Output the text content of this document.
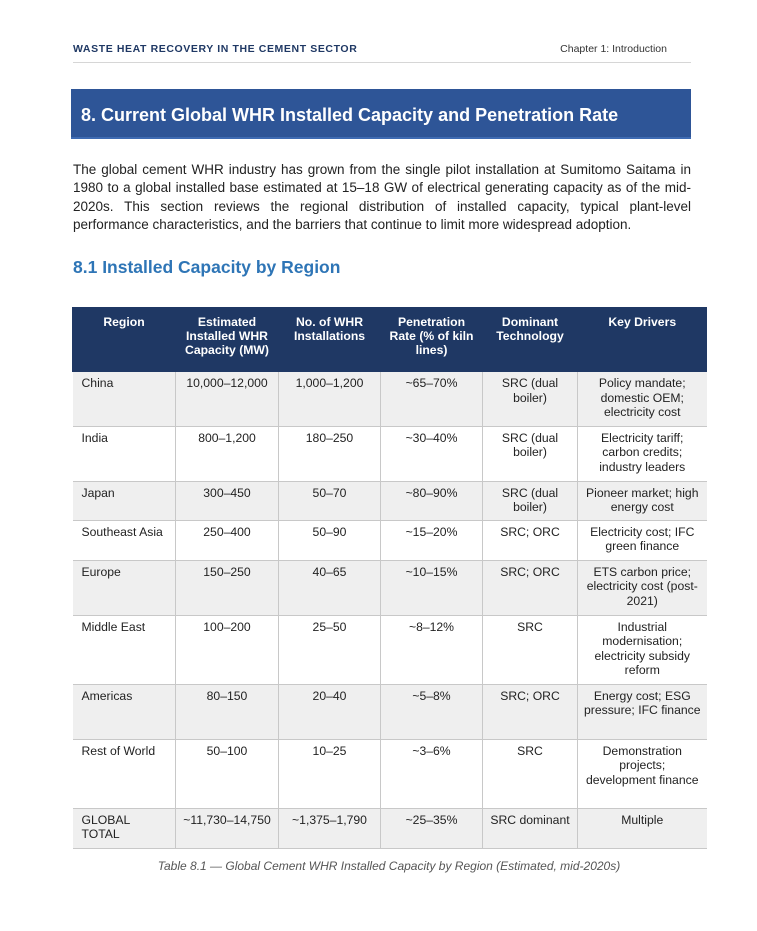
WASTE HEAT RECOVERY IN THE CEMENT SECTOR	Chapter 1: Introduction
8. Current Global WHR Installed Capacity and Penetration Rate

The global cement WHR industry has grown from the single pilot installation at Sumitomo Saitama in 1980 to a global installed base estimated at 15–18 GW of electrical generating capacity as of the mid-2020s. This section reviews the regional distribution of installed capacity, typical plant-level performance characteristics, and the barriers that continue to limit more widespread adoption.

8.1 Installed Capacity by Region
Region	Estimated Installed WHR Capacity (MW)	No. of WHR Installations	Penetration Rate (% of kiln lines)	Dominant Technology	Key Drivers
China	10,000–12,000	1,000–1,200	~65–70%	SRC (dual boiler)	Policy mandate; domestic OEM; electricity cost
India	800–1,200	180–250	~30–40%	SRC (dual boiler)	Electricity tariff; carbon credits; industry leaders
Japan	300–450	50–70	~80–90%	SRC (dual boiler)	Pioneer market; high energy cost
Southeast Asia	250–400	50–90	~15–20%	SRC; ORC	Electricity cost; IFC green finance
Europe	150–250	40–65	~10–15%	SRC; ORC	ETS carbon price; electricity cost (post-2021)
Middle East	100–200	25–50	~8–12%	SRC	Industrial modernisation; electricity subsidy reform
Americas	80–150	20–40	~5–8%	SRC; ORC	Energy cost; ESG pressure; IFC finance
Rest of World	50–100	10–25	~3–6%	SRC	Demonstration projects; development finance
GLOBAL TOTAL	~11,730–14,750	~1,375–1,790	~25–35%	SRC dominant	Multiple
Table 8.1 — Global Cement WHR Installed Capacity by Region (Estimated, mid-2020s)
